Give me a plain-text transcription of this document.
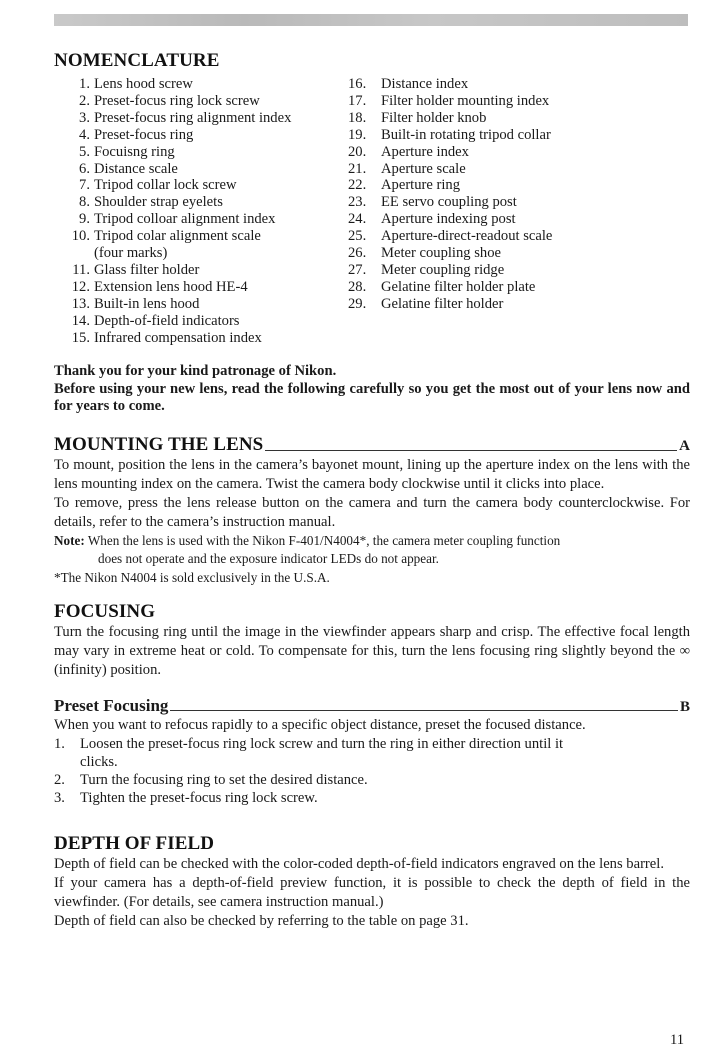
NOMENCLATURE
1. Lens hood screw
2. Preset-focus ring lock screw
3. Preset-focus ring alignment index
4. Preset-focus ring
5. Focuisng ring
6. Distance scale
7. Tripod collar lock screw
8. Shoulder strap eyelets
9. Tripod colloar alignment index
10. Tripod colar alignment scale
(four marks)
11. Glass filter holder
12. Extension lens hood HE-4
13. Built-in lens hood
14. Depth-of-field indicators
15. Infrared compensation index
16.	Distance index
17.	Filter holder mounting index
18.	Filter holder knob
19.	Built-in rotating tripod collar
20.	Aperture index
21.	Aperture scale
22.	Aperture ring
23.	EE servo coupling post
24.	Aperture indexing post
25.	Aperture-direct-readout scale
26.	Meter coupling shoe
27.	Meter coupling ridge
28.	Gelatine filter holder plate
29.	Gelatine filter holder
Thank you for your kind patronage of Nikon.
Before using your new lens, read the following carefully so you get the most out of your lens now and for years to come.
MOUNTING THE LENS	A

To mount, position the lens in the camera’s bayonet mount, lining up the aperture index on the lens with the lens mounting index on the camera. Twist the camera body clockwise until it clicks into place.

To remove, press the lens release button on the camera and turn the camera body counterclockwise. For details, refer to the camera’s instruction manual.

Note: When the lens is used with the Nikon F-401/N4004*, the camera meter coupling function
does not operate and the exposure indicator LEDs do not appear.
*The Nikon N4004 is sold exclusively in the U.S.A.
FOCUSING

Turn the focusing ring until the image in the viewfinder appears sharp and crisp. The effective focal length may vary in extreme heat or cold. To compensate for this, turn the lens focusing ring slightly beyond the ∞ (infinity) position.

Preset Focusing	B

When you want to refocus rapidly to a specific object distance, preset the focused distance.

1.	Loosen the preset-focus ring lock screw and turn the ring in either direction until it
clicks.
2.	Turn the focusing ring to set the desired distance.
3.	Tighten the preset-focus ring lock screw.
DEPTH OF FIELD

Depth of field can be checked with the color-coded depth-of-field indicators engraved on the lens barrel.

If your camera has a depth-of-field preview function, it is possible to check the depth of field in the viewfinder. (For details, see camera instruction manual.)

Depth of field can also be checked by referring to the table on page 31.

11
